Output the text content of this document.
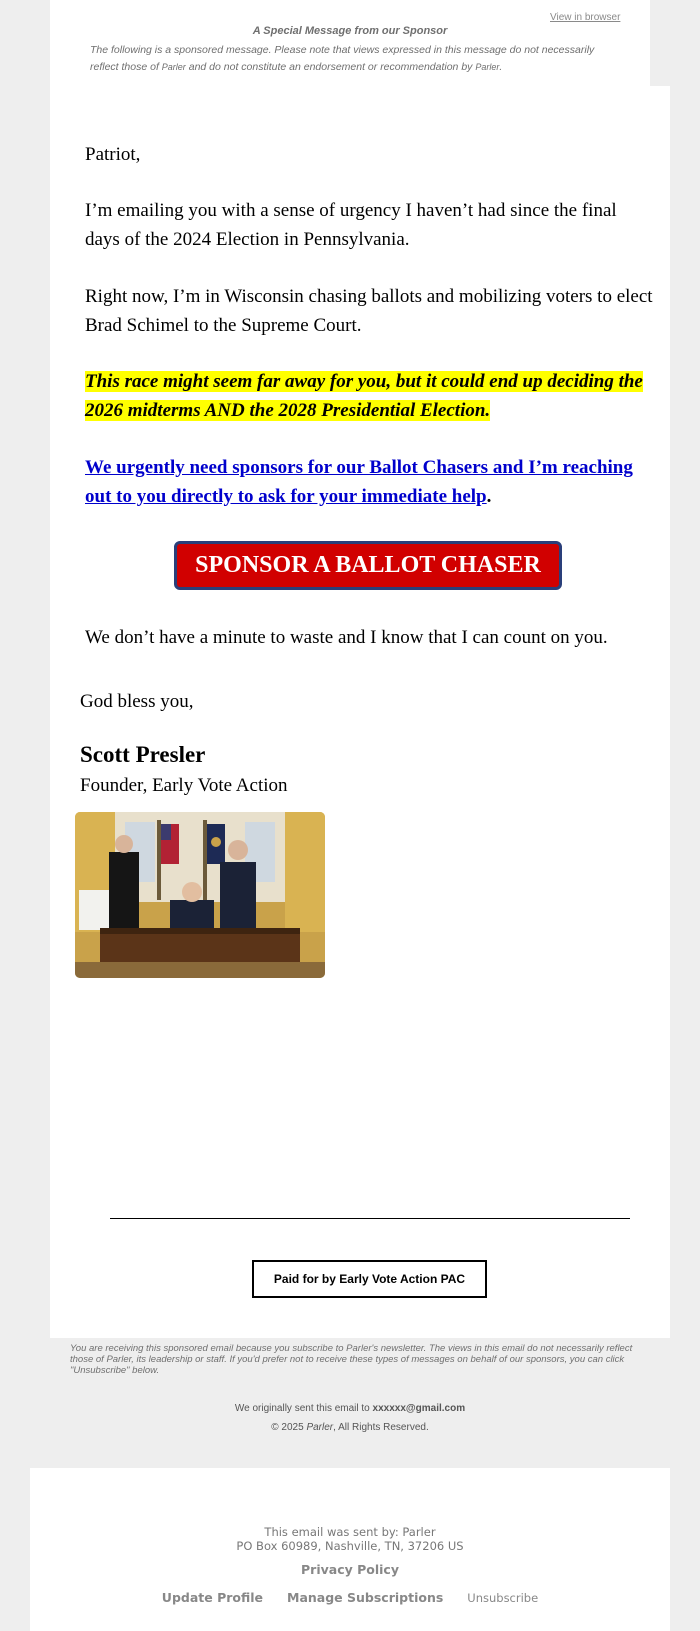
View in browser
A Special Message from our Sponsor
The following is a sponsored message. Please note that views expressed in this message do not necessarily reflect those of Parler and do not constitute an endorsement or recommendation by Parler.
Patriot,
I’m emailing you with a sense of urgency I haven’t had since the final days of the 2024 Election in Pennsylvania.
Right now, I’m in Wisconsin chasing ballots and mobilizing voters to elect Brad Schimel to the Supreme Court.
This race might seem far away for you, but it could end up deciding the 2026 midterms AND the 2028 Presidential Election.
We urgently need sponsors for our Ballot Chasers and I’m reaching out to you directly to ask for your immediate help.
SPONSOR A BALLOT CHASER
We don’t have a minute to waste and I know that I can count on you.
God bless you,
Scott Presler
Founder, Early Vote Action
Paid for by Early Vote Action PAC
You are receiving this sponsored email because you subscribe to Parler's newsletter. The views in this email do not necessarily reflect those of Parler, its leadership or staff. If you'd prefer not to receive these types of messages on behalf of our sponsors, you can click "Unsubscribe" below.
We originally sent this email to xxxxxx@gmail.com
© 2025 Parler, All Rights Reserved.
This email was sent by: Parler
PO Box 60989, Nashville, TN, 37206 US
Privacy Policy
Update Profile Manage Subscriptions Unsubscribe
